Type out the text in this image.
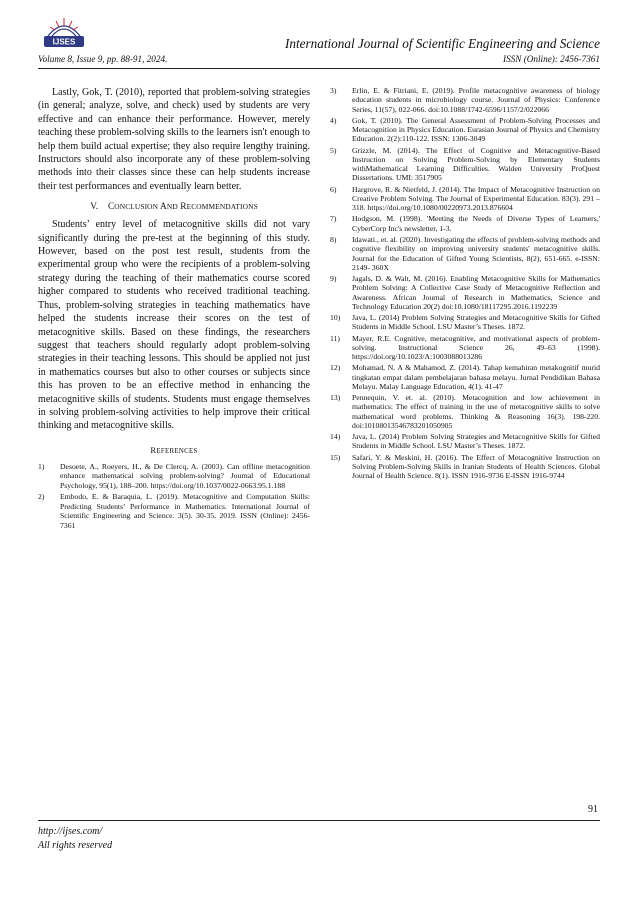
IJSES	International Journal of Scientific Engineering and Science
Volume 8, Issue 9, pp. 88-91, 2024.	ISSN (Online): 2456-7361

Lastly, Gok, T. (2010), reported that problem-solving strategies (in general; analyze, solve, and check) used by students are very effective and can enhance their performance. However, merely teaching these problem-solving skills to the learners isn't enough to help them build actual expertise; they also require lengthy training. Instructors should also incorporate any of these problem-solving methods into their classes since these can help students increase their test performances and eventually learn better.

V. CONCLUSION AND RECOMMENDATIONS

Students’ entry level of metacognitive skills did not vary significantly during the pre-test at the beginning of this study. However, based on the post test result, students from the experimental group who were the recipients of a problem-solving strategy during the teaching of their mathematics course scored higher compared to students who received traditional teaching. Thus, problem-solving strategies in teaching mathematics have helped the students increase their scores on the test of metacognitive skills. Based on these findings, the researchers suggest that teachers should regularly adopt problem-solving strategies in their teaching lessons. This should be applied not just in mathematics courses but also to other courses or subjects since this has proven to be an effective method in enhancing the metacognitive skills of students. Students must engage themselves in solving problem-solving activities to help improve their critical thinking and metacognitive skills.

REFERENCES
1) Desoete, A., Roeyers, H., & De Clercq, A. (2003). Can offline metacognition enhance mathematical solving problem-solving? Journal of Educational Psychology, 95(1), 188–200. https://doi.org/10.1037/0022-0663.95.1.188
2) Embodo, E. & Baraquia, L. (2019). Metacognitive and Computation Skills: Predicting Students’ Performance in Mathematics. International Journal of Scientific Engineering and Science. 3(5). 30-35, 2019. ISSN (Online): 2456-7361
3) Erlin, E. & Fitriani, E. (2019). Profile metacognitive awareness of biology education students in microbiology course. Journal of Physics: Conference Series, 11(57), 022-066. doi:10.1088/1742-6596/1157/2/022066
4) Gok, T. (2010). The General Assessment of Problem-Solving Processes and Metacognition in Physics Education. Eurasian Journal of Physics and Chemistry Education. 2(2):110-122. ISSN: 1306-3049
5) Grizzle, M. (2014). The Effect of Cognitive and Metacognitive-Based Instruction on Solving Problem-Solving by Elementary Students withMathematical Learning Difficulties. Walden University ProQuest Dissertations. UMI: 3517905
6) Hargrove, R. & Nietfeld, J. (2014). The Impact of Metacognitive Instruction on Creative Problem Solving. The Journal of Experimental Education. 83(3). 291 – 318. https://doi.org/10.1080/00220973.2013.876604
7) Hodgson, M. (1998). 'Meeting the Needs of Diverse Types of Learners,' CyberCorp Inc's newsletter, 1-3.
8) Idawati., et. al. (2020). Investigating the effects of problem-solving methods and cognitive flexibility on improving university students' metacognitive skills. Journal for the Education of Gifted Young Scientists, 8(2), 651-665. e-ISSN: 2149- 360X
9) Jagals, D. & Walt, M. (2016). Enabling Metacognitive Skills for Mathematics Problem Solving: A Collective Case Study of Metacognitive Reflection and Awareness. African Journal of Research in Mathematics, Science and Technology Education 20(2) doi:10.1080/18117295.2016.1192239
10) Java, L. (2014) Problem Solving Strategies and Metacognitive Skills for Gifted Students in Middle School. LSU Master’s Theses. 1872.
11) Mayer, R.E. Cognitive, metacognitive, and motivational aspects of problem-solving. Instructional Science 26, 49–63 (1998). https://doi.org/10.1023/A:1003088013286
12) Mohamad, N. A & Mahamod, Z. (2014). Tahap kemahiran metakognitif murid tingkatan empat dalam pembelajaran bahasa melayu. Jurnal Pendidikan Bahasa Melayu. Malay Language Education, 4(1). 41-47
13) Pennequin, V. et. al. (2010). Metacognition and low achievement in mathematics: The effect of training in the use of metacognitive skills to solve mathematical word problems. Thinking & Reasoning 16(3). 198-220. doi:10108013546783201050905
14) Java, L. (2014) Problem Solving Strategies and Metacognitive Skills for Gifted Students in Middle School. LSU Master’s Theses. 1872.
15) Safari, Y. & Meskini, H. (2016). The Effect of Metacognitive Instruction on Solving Problem-Solving Skills in Iranian Students of Health Sciences. Global Journal of Health Science. 8(1). ISSN 1916-9736 E-ISSN 1916-9744
91
http://ijses.com/
All rights reserved
